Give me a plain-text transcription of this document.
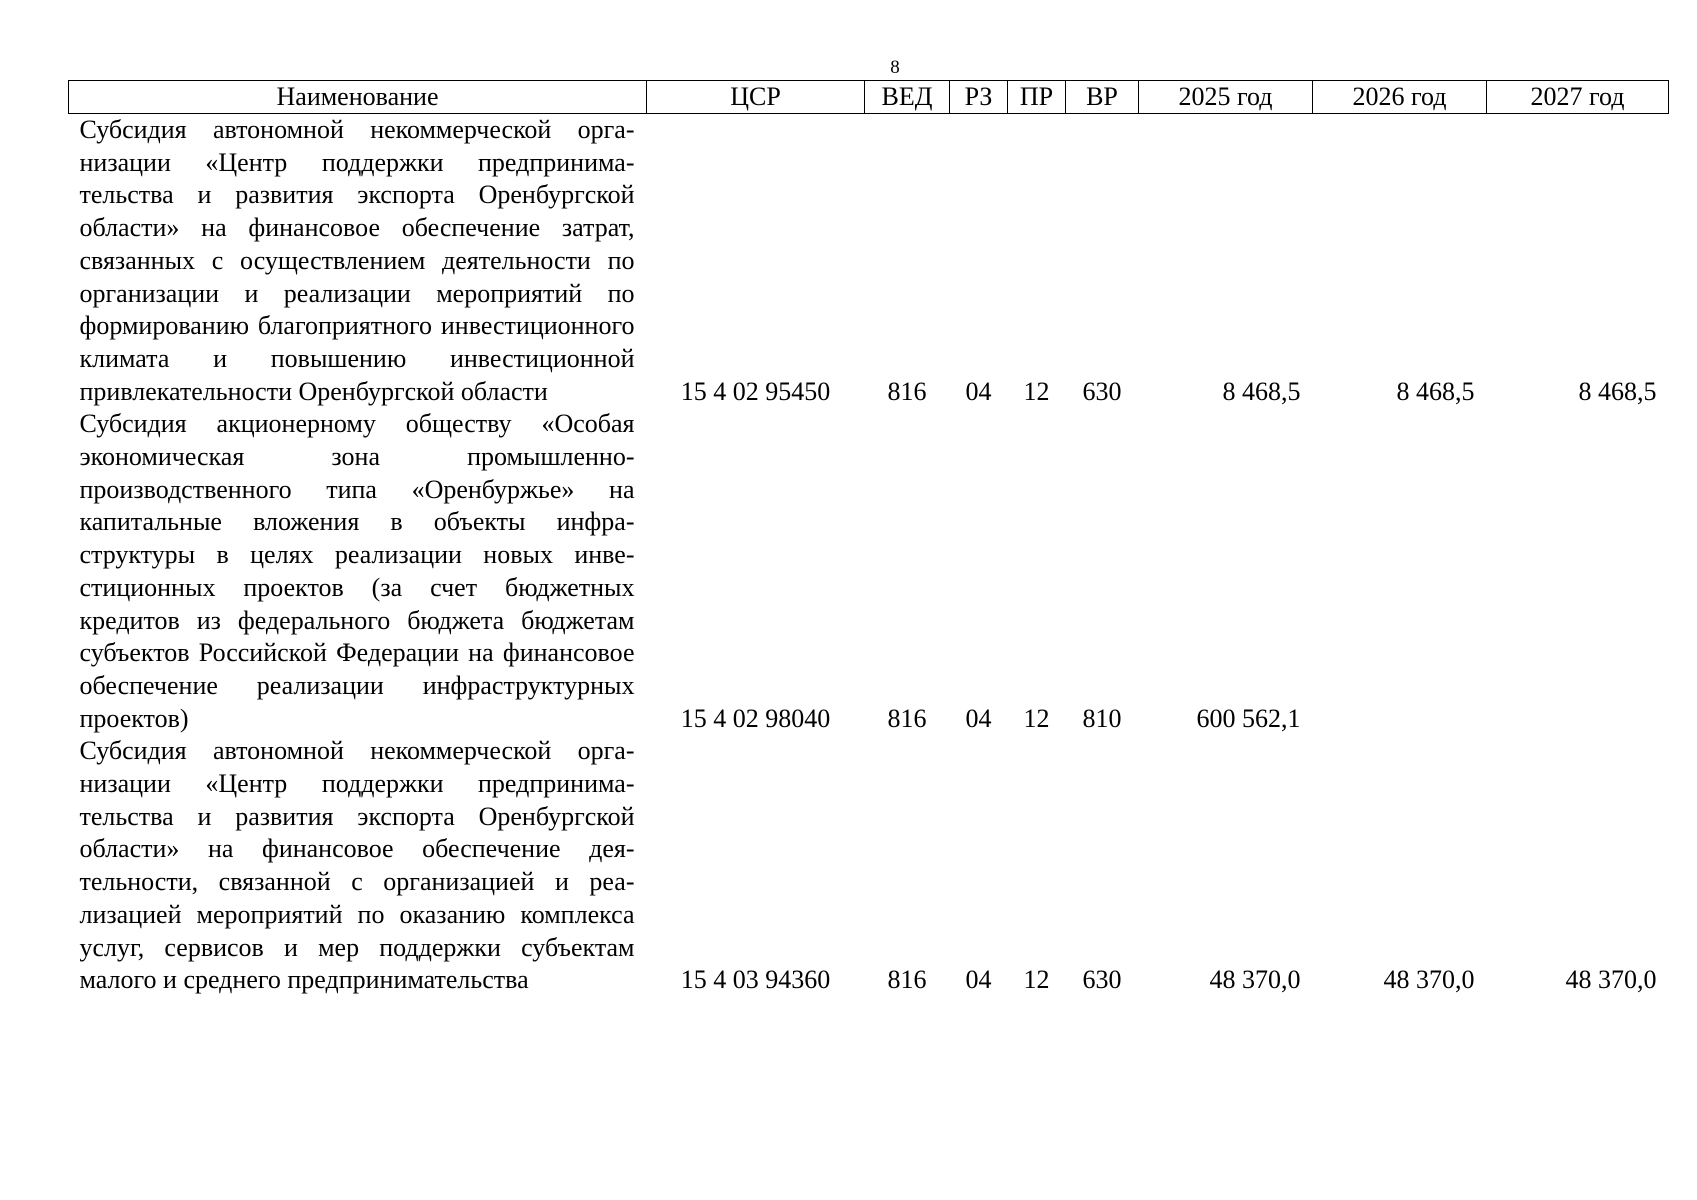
8
Наименование	ЦСР	ВЕД	РЗ	ПР	ВР	2025 год	2026 год	2027 год
Субсидия автономной некоммерческой организации «Центр поддержки предпринимательства и развития экспорта Оренбургской области» на финансовое обеспечение затрат, связанных с осуществлением деятельности по организации и реализации мероприятий по формированию благоприятного инвестиционного климата и повышению инвестиционной привлекательности Оренбургской области	15 4 02 95450	816	04	12	630	8 468,5	8 468,5	8 468,5
Субсидия акционерному обществу «Особая экономическая зона промышленно-производственного типа «Оренбуржье» на капитальные вложения в объекты инфраструктуры в целях реализации новых инвестиционных проектов (за счет бюджетных кредитов из федерального бюджета бюджетам субъектов Российской Федерации на финансовое обеспечение реализации инфраструктурных проектов)	15 4 02 98040	816	04	12	810	600 562,1		
Субсидия автономной некоммерческой организации «Центр поддержки предпринимательства и развития экспорта Оренбургской области» на финансовое обеспечение деятельности, связанной с организацией и реализацией мероприятий по оказанию комплекса услуг, сервисов и мер поддержки субъектам малого и среднего предпринимательства	15 4 03 94360	816	04	12	630	48 370,0	48 370,0	48 370,0
